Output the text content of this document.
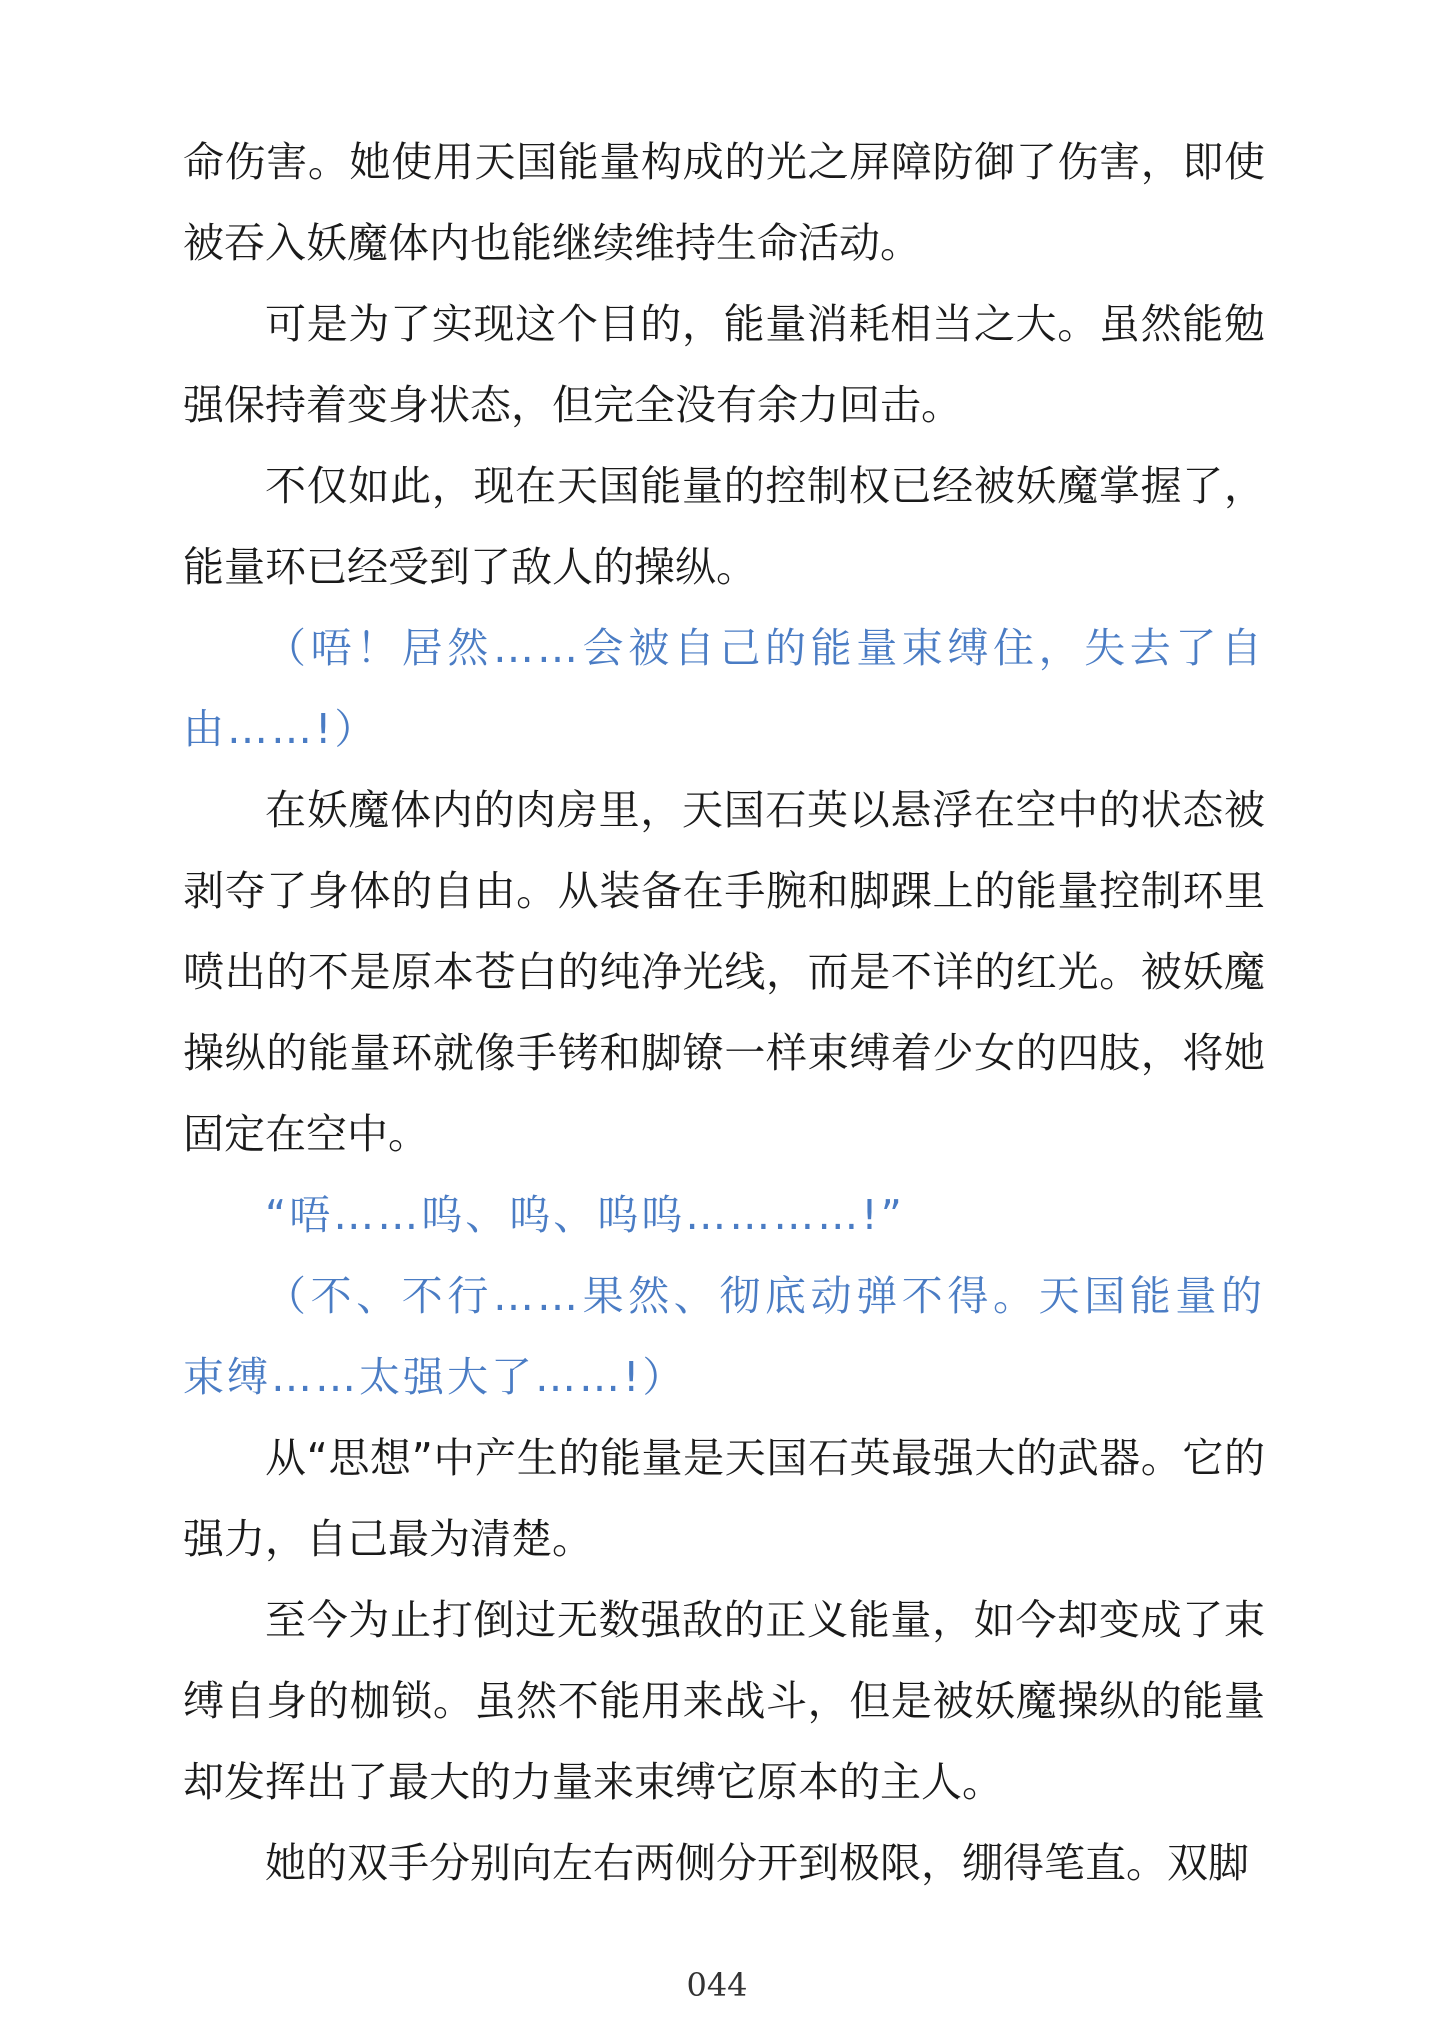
命伤害。她使用天国能量构成的光之屏障防御了伤害，即使被吞入妖魔体内也能继续维持生命活动。

可是为了实现这个目的，能量消耗相当之大。虽然能勉强保持着变身状态，但完全没有余力回击。

不仅如此，现在天国能量的控制权已经被妖魔掌握了，能量环已经受到了敌人的操纵。

（唔！居然……会被自己的能量束缚住，失去了自由……!）

在妖魔体内的肉房里，天国石英以悬浮在空中的状态被剥夺了身体的自由。从装备在手腕和脚踝上的能量控制环里喷出的不是原本苍白的纯净光线，而是不详的红光。被妖魔操纵的能量环就像手铐和脚镣一样束缚着少女的四肢，将她固定在空中。

“唔……呜、呜、呜呜…………!”

（不、不行……果然、彻底动弹不得。天国能量的束缚……太强大了……!）

从“思想”中产生的能量是天国石英最强大的武器。它的强力，自己最为清楚。

至今为止打倒过无数强敌的正义能量，如今却变成了束缚自身的枷锁。虽然不能用来战斗，但是被妖魔操纵的能量却发挥出了最大的力量来束缚它原本的主人。

她的双手分别向左右两侧分开到极限，绷得笔直。双脚

044
